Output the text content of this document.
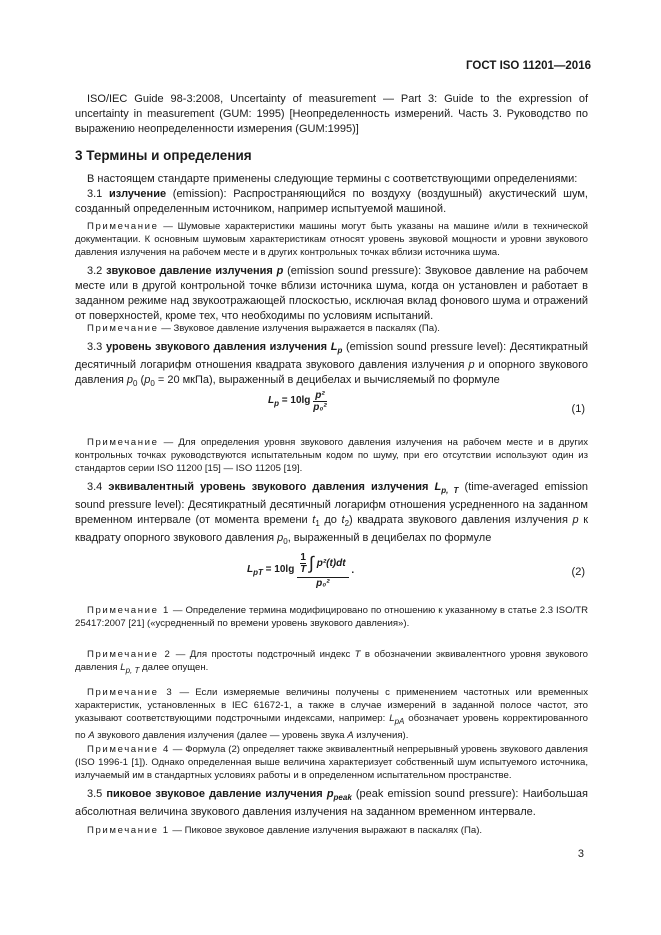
ГОСТ ISO 11201—2016

ISO/IEC Guide 98-3:2008, Uncertainty of measurement — Part 3: Guide to the expression of uncertainty in measurement (GUM: 1995) [Неопределенность измерений. Часть 3. Руководство по выражению неопределенности измерения (GUM:1995)]

3 Термины и определения

В настоящем стандарте применены следующие термины с соответствующими определениями:

3.1 излучение (emission): Распространяющийся по воздуху (воздушный) акустический шум, созданный определенным источником, например испытуемой машиной.

Примечание — Шумовые характеристики машины могут быть указаны на машине и/или в технической документации. К основным шумовым характеристикам относят уровень звуковой мощности и уровни звукового давления излучения на рабочем месте и в других контрольных точках вблизи источника шума.

3.2 звуковое давление излучения p (emission sound pressure): Звуковое давление на рабочем месте или в другой контрольной точке вблизи источника шума, когда он установлен и работает в заданном режиме над звукоотражающей плоскостью, исключая вклад фонового шума и отражений от поверхностей, кроме тех, что необходимы по условиям испытаний.

Примечание — Звуковое давление излучения выражается в паскалях (Па).

3.3 уровень звукового давления излучения $L_p$ (emission sound pressure level): Десятикратный десятичный логарифм отношения квадрата звукового давления излучения p и опорного звукового давления $p_0$ ($p_0 = 20$ мкПа), выраженный в децибелах и вычисляемый по формуле

$L_p = 10\lg \frac{\text{p²}}{\text{p₀²}}$	(1)

Примечание — Для определения уровня звукового давления излучения на рабочем месте и в других контрольных точках руководствуются испытательным кодом по шуму, при его отсутствии используют один из стандартов серии ISO 11200 [15] — ISO 11205 [19].

3.4 эквивалентный уровень звукового давления излучения $L_{p, T}$ (time-averaged emission sound pressure level): Десятикратный десятичный логарифм отношения усредненного на заданном временном интервале (от момента времени $t_1$ до $t_2$) квадрата звукового давления излучения p к квадрату опорного звукового давления $p_0$, выраженный в децибелах по формуле

$L_{pT} = 10\lg \frac{\frac{1}{T} \int p^2(t)dt}{\text{p₀²}}$ .	(2)

Примечание 1 — Определение термина модифицировано по отношению к указанному в статье 2.3 ISO/TR 25417:2007 [21] («усредненный по времени уровень звукового давления»).

Примечание 2 — Для простоты подстрочный индекс T в обозначении эквивалентного уровня звукового давления $L_{p, T}$ далее опущен.

Примечание 3 — Если измеряемые величины получены с применением частотных или временных характеристик, установленных в IEC 61672-1, а также в случае измерений в заданной полосе частот, это указывают соответствующими подстрочными индексами, например: $L_{pA}$ обозначает уровень корректированного по A звукового давления излучения (далее — уровень звука A излучения).

Примечание 4 — Формула (2) определяет также эквивалентный непрерывный уровень звукового давления (ISO 1996-1 [1]). Однако определенная выше величина характеризует собственный шум испытуемого источника, излучаемый им в стандартных условиях работы и в определенном испытательном пространстве.

3.5 пиковое звуковое давление излучения $p_{peak}$ (peak emission sound pressure): Наибольшая абсолютная величина звукового давления излучения на заданном временном интервале.

Примечание 1 — Пиковое звуковое давление излучения выражают в паскалях (Па).

3
